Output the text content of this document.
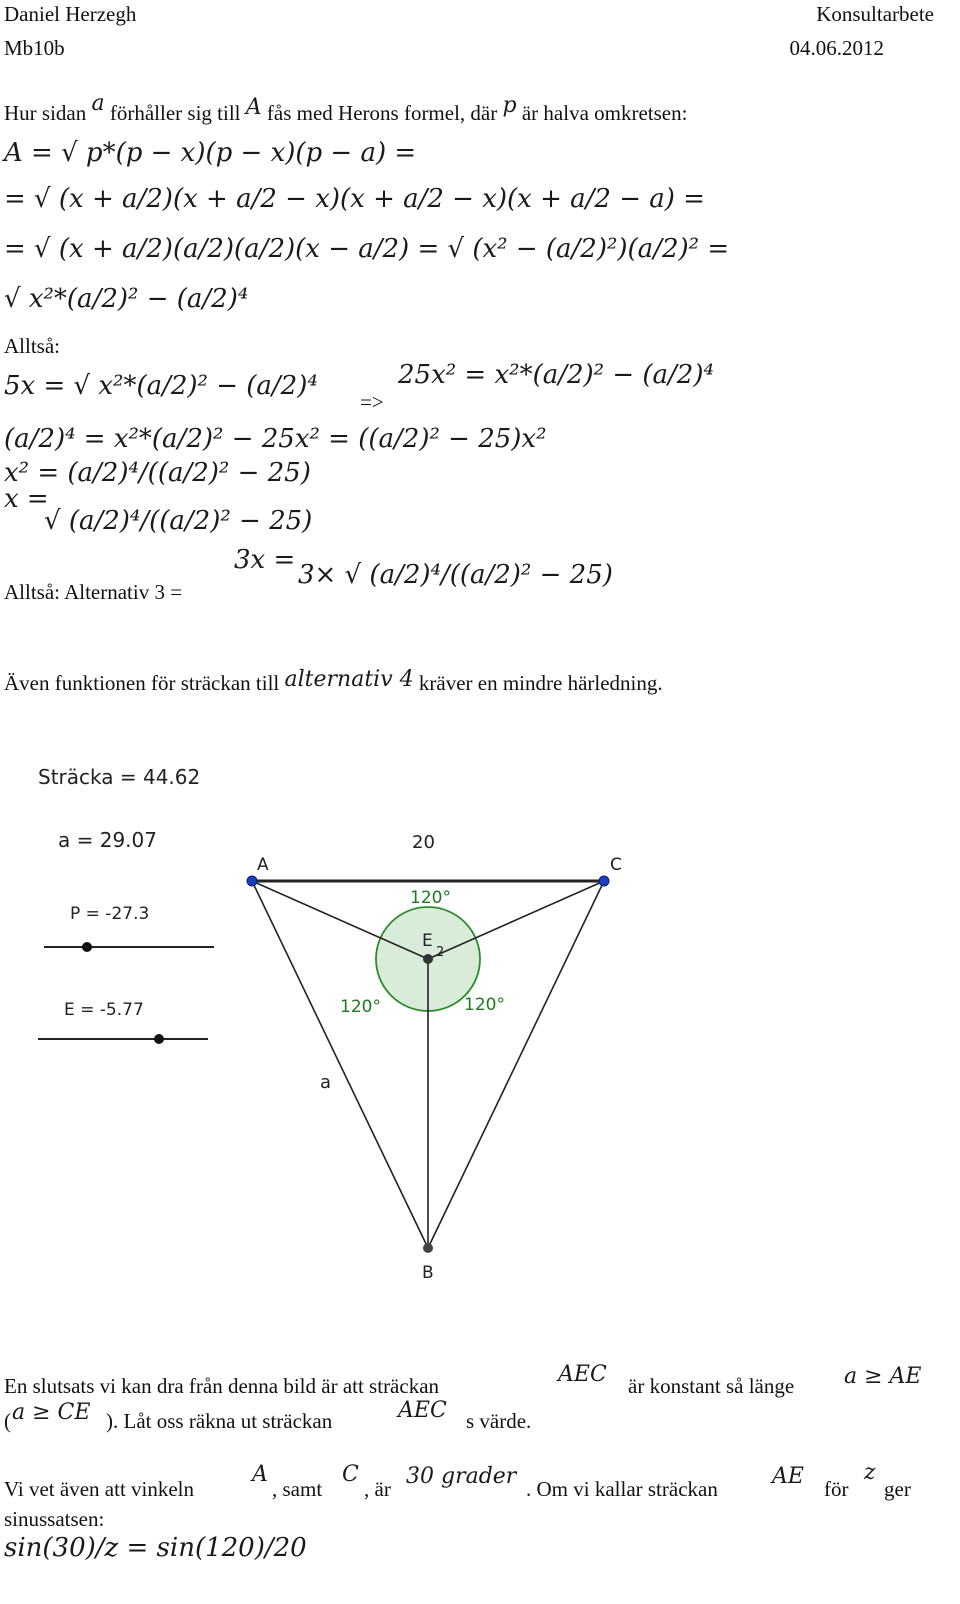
Daniel Herzegh	Konsultarbete
Mb10b	04.06.2012
Hur sidan a förhåller sig till A fås med Herons formel, där p är halva omkretsen:
A = √ p*(p − x)(p − x)(p − a) =
= √ (x + a/2)(x + a/2 − x)(x + a/2 − x)(x + a/2 − a) =
= √ (x + a/2)(a/2)(a/2)(x − a/2) = √ (x² − (a/2)²)(a/2)² =
√ x²*(a/2)² − (a/2)⁴
Alltså:
5x = √ x²*(a/2)² − (a/2)⁴
=>
25x² = x²*(a/2)² − (a/2)⁴
(a/2)⁴ = x²*(a/2)² − 25x² = ((a/2)² − 25)x²
x² = (a/2)⁴/((a/2)² − 25)
x =
√ (a/2)⁴/((a/2)² − 25)
Alltså: Alternativ 3 =
3x = 3× √ (a/2)⁴/((a/2)² − 25)
Även funktionen för sträckan till alternativ 4 kräver en mindre härledning.
Sträcka = 44.62
a = 29.07
P = -27.3
E = -5.77
A	C
B
E
2
20
a
120°
120°	120°
En slutsats vi kan dra från denna bild är att sträckan	AEC är konstant så länge a ≥ AE
( a ≥ CE ). Låt oss räkna ut sträckan	AEC s värde.
Vi vet även att vinkeln
A
, samt
C
, är 30 grader . Om vi kallar sträckan AE för
z
ger
sinussatsen:
sin(30)/z = sin(120)/20
